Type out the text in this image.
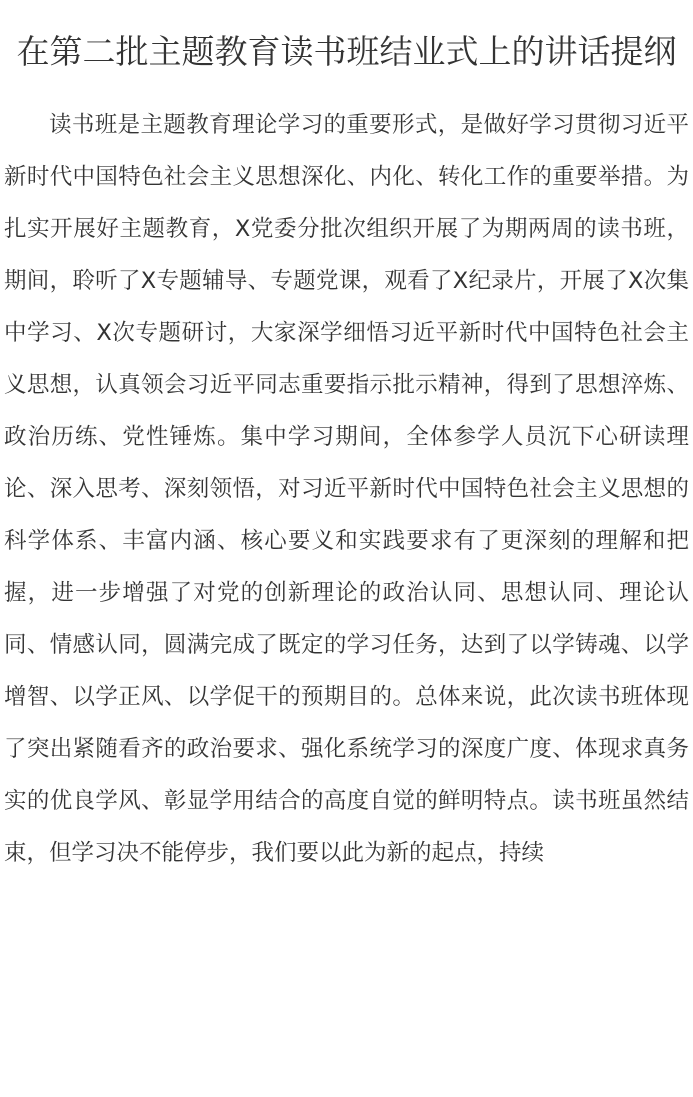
在第二批主题教育读书班结业式上的讲话提纲

读书班是主题教育理论学习的重要形式，是做好学习贯彻习近平新时代中国特色社会主义思想深化、内化、转化工作的重要举措。为扎实开展好主题教育，X党委分批次组织开展了为期两周的读书班，期间，聆听了X专题辅导、专题党课，观看了X纪录片，开展了X次集中学习、X次专题研讨，大家深学细悟习近平新时代中国特色社会主义思想，认真领会习近平同志重要指示批示精神，得到了思想淬炼、政治历练、党性锤炼。集中学习期间，全体参学人员沉下心研读理论、深入思考、深刻领悟，对习近平新时代中国特色社会主义思想的科学体系、丰富内涵、核心要义和实践要求有了更深刻的理解和把握，进一步增强了对党的创新理论的政治认同、思想认同、理论认同、情感认同，圆满完成了既定的学习任务，达到了以学铸魂、以学增智、以学正风、以学促干的预期目的。总体来说，此次读书班体现了突出紧随看齐的政治要求、强化系统学习的深度广度、体现求真务实的优良学风、彰显学用结合的高度自觉的鲜明特点。读书班虽然结束，但学习决不能停步，我们要以此为新的起点，持续
